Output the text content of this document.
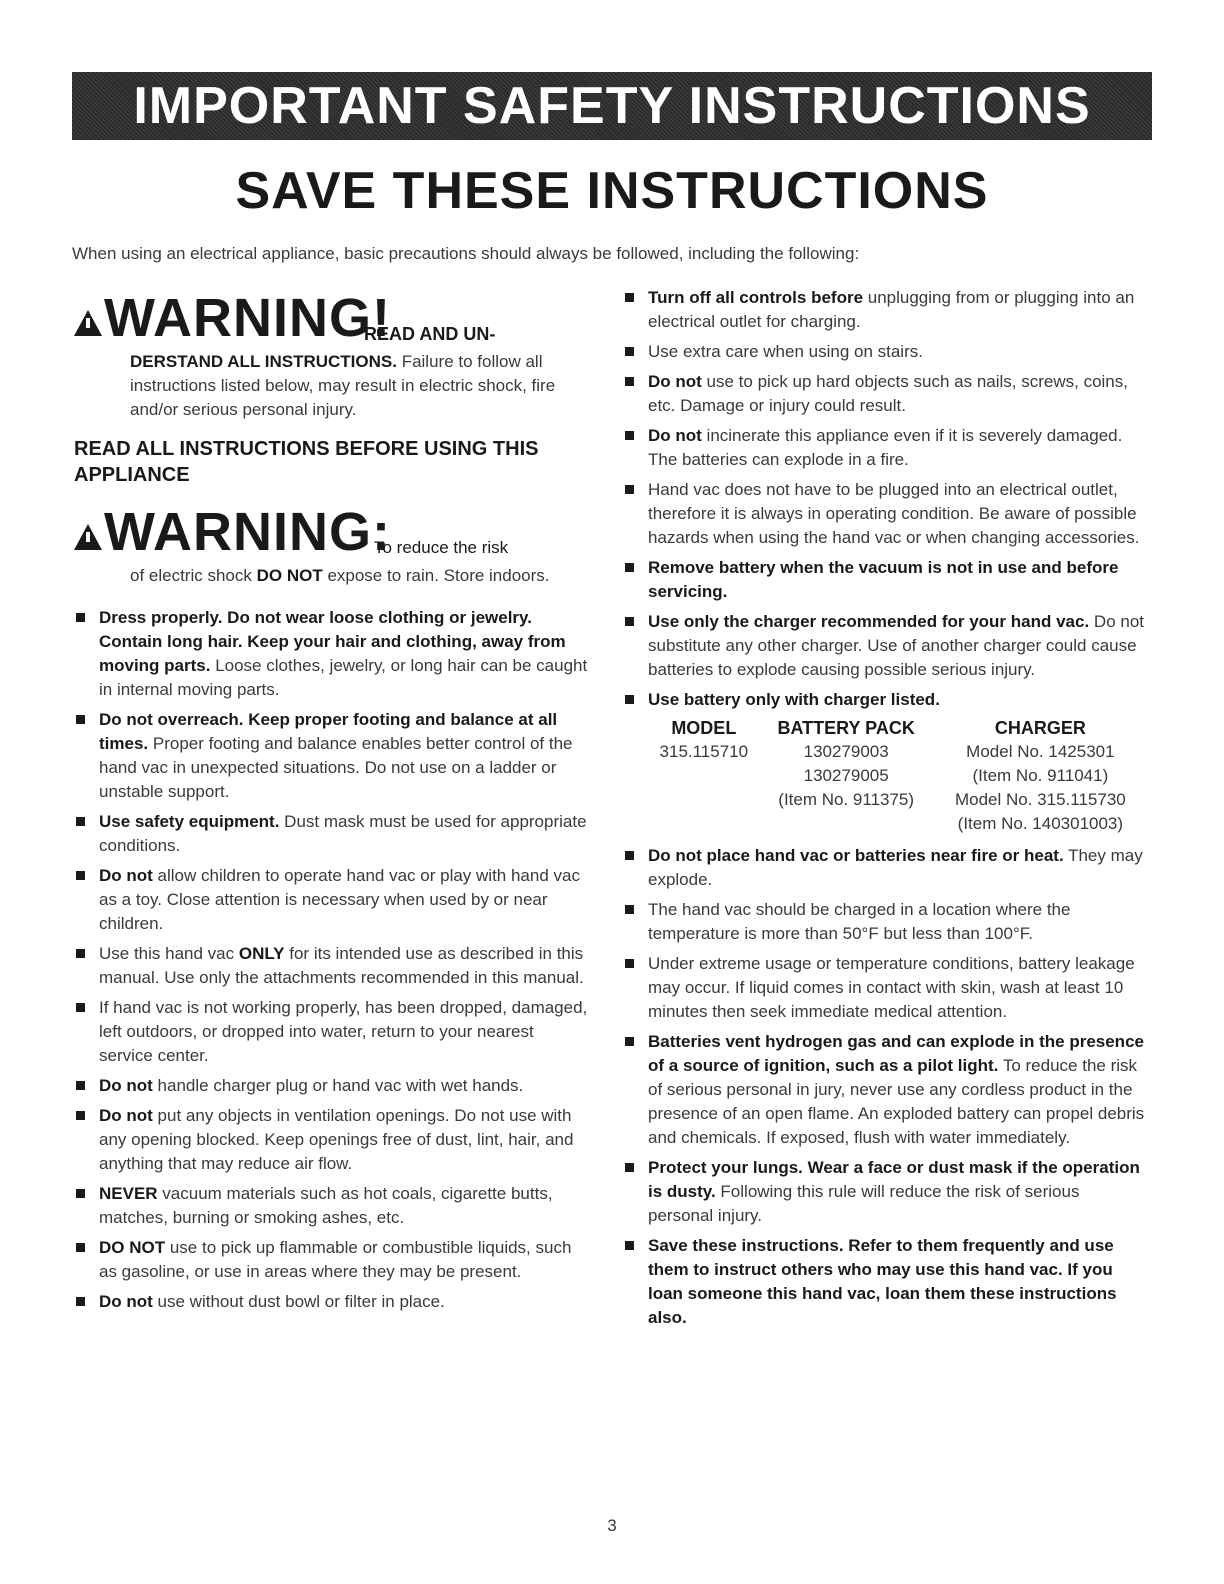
IMPORTANT SAFETY INSTRUCTIONS
SAVE THESE INSTRUCTIONS
When using an electrical appliance, basic precautions should always be followed, including the following:
WARNING!
READ AND UN-
DERSTAND ALL INSTRUCTIONS. Failure to follow all instructions listed below, may result in electric shock, fire and/or serious personal injury.
READ ALL INSTRUCTIONS BEFORE USING THIS APPLIANCE
WARNING:
To reduce the risk
of electric shock DO NOT expose to rain. Store indoors.
Dress properly. Do not wear loose clothing or jewelry. Contain long hair. Keep your hair and clothing, away from moving parts. Loose clothes, jewelry, or long hair can be caught in internal moving parts.
Do not overreach. Keep proper footing and balance at all times. Proper footing and balance enables better control of the hand vac in unexpected situations. Do not use on a ladder or unstable support.
Use safety equipment. Dust mask must be used for appropriate conditions.
Do not allow children to operate hand vac or play with hand vac as a toy. Close attention is necessary when used by or near children.
Use this hand vac ONLY for its intended use as described in this manual. Use only the attachments recommended in this manual.
If hand vac is not working properly, has been dropped, damaged, left outdoors, or dropped into water, return to your nearest service center.
Do not handle charger plug or hand vac with wet hands.
Do not put any objects in ventilation openings. Do not use with any opening blocked. Keep openings free of dust, lint, hair, and anything that may reduce air flow.
NEVER vacuum materials such as hot coals, cigarette butts, matches, burning or smoking ashes, etc.
DO NOT use to pick up flammable or combustible liquids, such as gasoline, or use in areas where they may be present.
Do not use without dust bowl or filter in place.
Turn off all controls before unplugging from or plugging into an electrical outlet for charging.
Use extra care when using on stairs.
Do not use to pick up hard objects such as nails, screws, coins, etc. Damage or injury could result.
Do not incinerate this appliance even if it is severely damaged. The batteries can explode in a fire.
Hand vac does not have to be plugged into an electrical outlet, therefore it is always in operating condition. Be aware of possible hazards when using the hand vac or when changing accessories.
Remove battery when the vacuum is not in use and before servicing.
Use only the charger recommended for your hand vac. Do not substitute any other charger. Use of another charger could cause batteries to explode causing possible serious injury.
Use battery only with charger listed.
MODEL	BATTERY PACK	CHARGER
315.115710	130279003	Model No. 1425301
	130279005	(Item No. 911041)
	(Item No. 911375)	Model No. 315.115730
		(Item No. 140301003)
Do not place hand vac or batteries near fire or heat. They may explode.
The hand vac should be charged in a location where the temperature is more than 50°F but less than 100°F.
Under extreme usage or temperature conditions, battery leakage may occur. If liquid comes in contact with skin, wash at least 10 minutes then seek immediate medical attention.
Batteries vent hydrogen gas and can explode in the presence of a source of ignition, such as a pilot light. To reduce the risk of serious personal in jury, never use any cordless product in the presence of an open flame. An exploded battery can propel debris and chemicals. If exposed, flush with water immediately.
Protect your lungs. Wear a face or dust mask if the operation is dusty. Following this rule will reduce the risk of serious personal injury.
Save these instructions. Refer to them frequently and use them to instruct others who may use this hand vac. If you loan someone this hand vac, loan them these instructions also.
3
